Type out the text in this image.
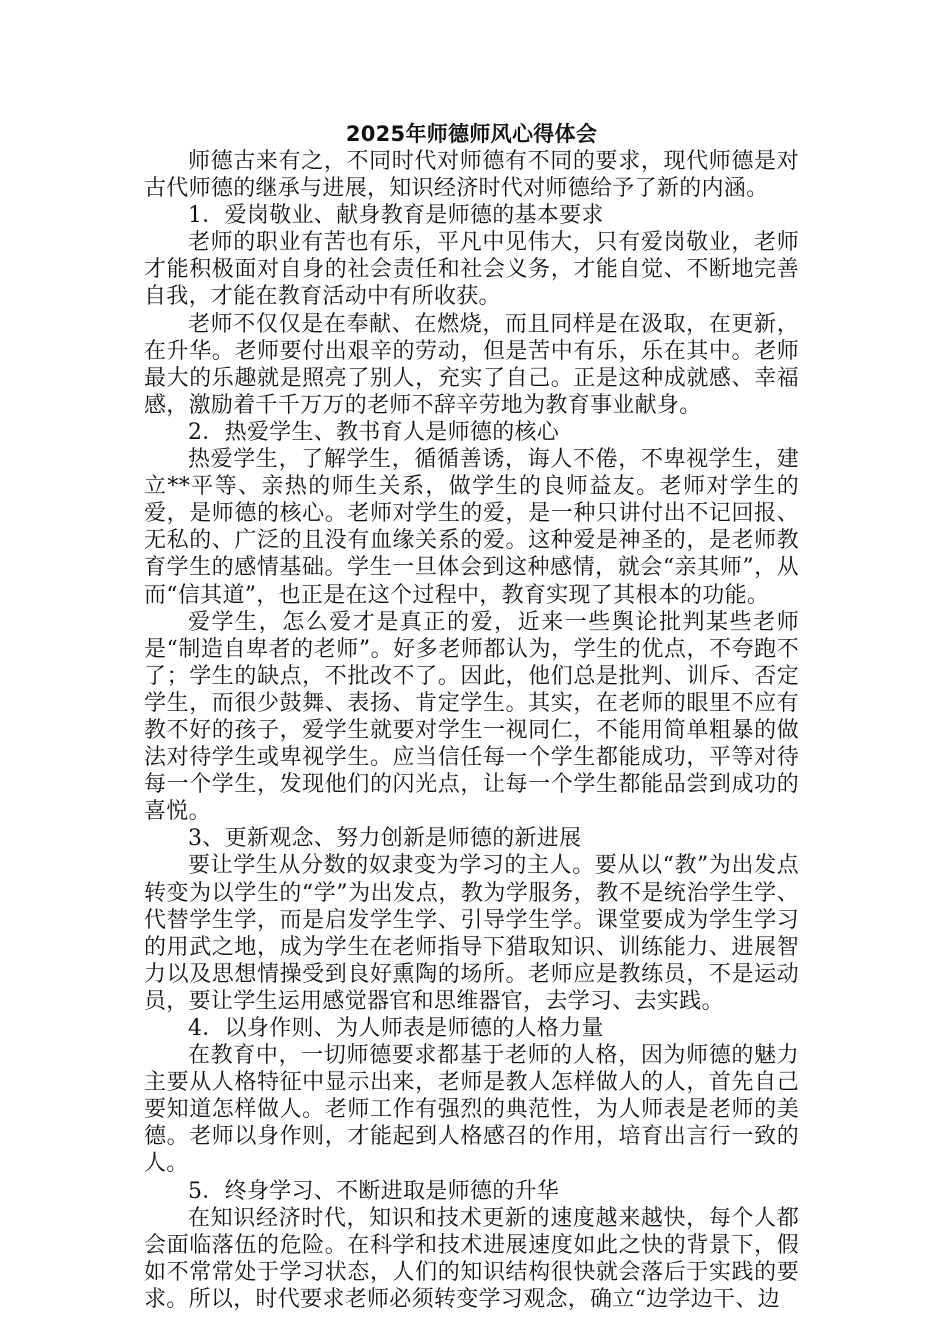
2025年师德师风心得体会

师德古来有之，不同时代对师德有不同的要求，现代师德是对古代师德的继承与进展，知识经济时代对师德给予了新的内涵。

1．爱岗敬业、献身教育是师德的基本要求

老师的职业有苦也有乐，平凡中见伟大，只有爱岗敬业，老师才能积极面对自身的社会责任和社会义务，才能自觉、不断地完善自我，才能在教育活动中有所收获。

老师不仅仅是在奉献、在燃烧，而且同样是在汲取，在更新，在升华。老师要付出艰辛的劳动，但是苦中有乐，乐在其中。老师最大的乐趣就是照亮了别人，充实了自己。正是这种成就感、幸福感，激励着千千万万的老师不辞辛劳地为教育事业献身。

2．热爱学生、教书育人是师德的核心

热爱学生，了解学生，循循善诱，诲人不倦，不卑视学生，建立**平等、亲热的师生关系，做学生的良师益友。老师对学生的爱，是师德的核心。老师对学生的爱，是一种只讲付出不记回报、无私的、广泛的且没有血缘关系的爱。这种爱是神圣的，是老师教育学生的感情基础。学生一旦体会到这种感情，就会“亲其师”，从而“信其道”，也正是在这个过程中，教育实现了其根本的功能。

爱学生，怎么爱才是真正的爱，近来一些舆论批判某些老师是“制造自卑者的老师”。好多老师都认为，学生的优点，不夸跑不了；学生的缺点，不批改不了。因此，他们总是批判、训斥、否定学生，而很少鼓舞、表扬、肯定学生。其实，在老师的眼里不应有教不好的孩子，爱学生就要对学生一视同仁，不能用简单粗暴的做法对待学生或卑视学生。应当信任每一个学生都能成功，平等对待每一个学生，发现他们的闪光点，让每一个学生都能品尝到成功的喜悦。

3、更新观念、努力创新是师德的新进展

要让学生从分数的奴隶变为学习的主人。要从以“教”为出发点转变为以学生的“学”为出发点，教为学服务，教不是统治学生学、代替学生学，而是启发学生学、引导学生学。课堂要成为学生学习的用武之地，成为学生在老师指导下猎取知识、训练能力、进展智力以及思想情操受到良好熏陶的场所。老师应是教练员，不是运动员，要让学生运用感觉器官和思维器官，去学习、去实践。

4．以身作则、为人师表是师德的人格力量

在教育中，一切师德要求都基于老师的人格，因为师德的魅力主要从人格特征中显示出来，老师是教人怎样做人的人，首先自己要知道怎样做人。老师工作有强烈的典范性，为人师表是老师的美德。老师以身作则，才能起到人格感召的作用，培育出言行一致的人。

5．终身学习、不断进取是师德的升华

在知识经济时代，知识和技术更新的速度越来越快，每个人都会面临落伍的危险。在科学和技术进展速度如此之快的背景下，假如不常常处于学习状态，人们的知识结构很快就会落后于实践的要求。所以，时代要求老师必须转变学习观念，确立“边学边干、边
